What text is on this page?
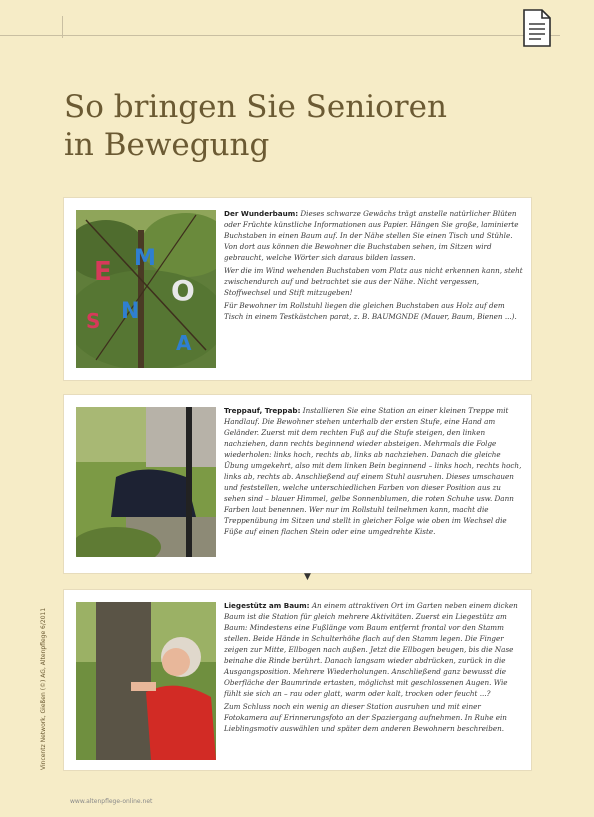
So bringen Sie Senioren
in Bewegung
E M
O
N
S
A

Der Wunderbaum: Dieses schwarze Gewächs trägt anstelle natürlicher Blüten oder Früchte künstliche Informationen aus Papier. Hängen Sie große, laminierte Buchstaben in einen Baum auf. In der Nähe stellen Sie einen Tisch und Stühle. Von dort aus können die Bewohner die Buchstaben sehen, im Sitzen wird gebraucht, welche Wörter sich daraus bilden lassen.

Wer die im Wind wehenden Buchstaben vom Platz aus nicht erkennen kann, steht zwischendurch auf und betrachtet sie aus der Nähe. Nicht vergessen, Stoffwechsel und Stift mitzugeben!

Für Bewohner im Rollstuhl liegen die gleichen Buchstaben aus Holz auf dem Tisch in einem Testkästchen parat, z. B. BAUMGNDE (Mauer, Baum, Bienen ...).

Treppauf, Treppab: Installieren Sie eine Station an einer kleinen Treppe mit Handlauf. Die Bewohner stehen unterhalb der ersten Stufe, eine Hand am Geländer. Zuerst mit dem rechten Fuß auf die Stufe steigen, den linken nachziehen, dann rechts beginnend wieder absteigen. Mehrmals die Folge wiederholen: links hoch, rechts ab, links ab nachziehen. Danach die gleiche Übung umgekehrt, also mit dem linken Bein beginnend – links hoch, rechts hoch, links ab, rechts ab. Anschließend auf einem Stuhl ausruhen. Dieses umschauen und feststellen, welche unterschiedlichen Farben von dieser Position aus zu sehen sind – blauer Himmel, gelbe Sonnenblumen, die roten Schuhe usw. Dann Farben laut benennen. Wer nur im Rollstuhl teilnehmen kann, macht die Treppenübung im Sitzen und stellt in gleicher Folge wie oben im Wechsel die Füße auf einen flachen Stein oder eine umgedrehte Kiste.

▼

Liegestütz am Baum: An einem attraktiven Ort im Garten neben einem dicken Baum ist die Station für gleich mehrere Aktivitäten. Zuerst ein Liegestütz am Baum: Mindestens eine Fußlänge vom Baum entfernt frontal vor den Stamm stellen. Beide Hände in Schulterhöhe flach auf den Stamm legen. Die Finger zeigen zur Mitte, Ellbogen nach außen. Jetzt die Ellbogen beugen, bis die Nase beinahe die Rinde berührt. Danach langsam wieder abdrücken, zurück in die Ausgangsposition. Mehrere Wiederholungen. Anschließend ganz bewusst die Oberfläche der Baumrinde ertasten, möglichst mit geschlossenen Augen. Wie fühlt sie sich an – rau oder glatt, warm oder kalt, trocken oder feucht ...?

Zum Schluss noch ein wenig an dieser Station ausruhen und mit einer Fotokamera auf Erinnerungsfoto an der Spaziergang aufnehmen. In Ruhe ein Lieblingsmotiv auswählen und später dem anderen Bewohnern beschreiben.

Vincentz Network, Gießen (©) AG, Altenpflege 6/2011
www.altenpflege-online.net
